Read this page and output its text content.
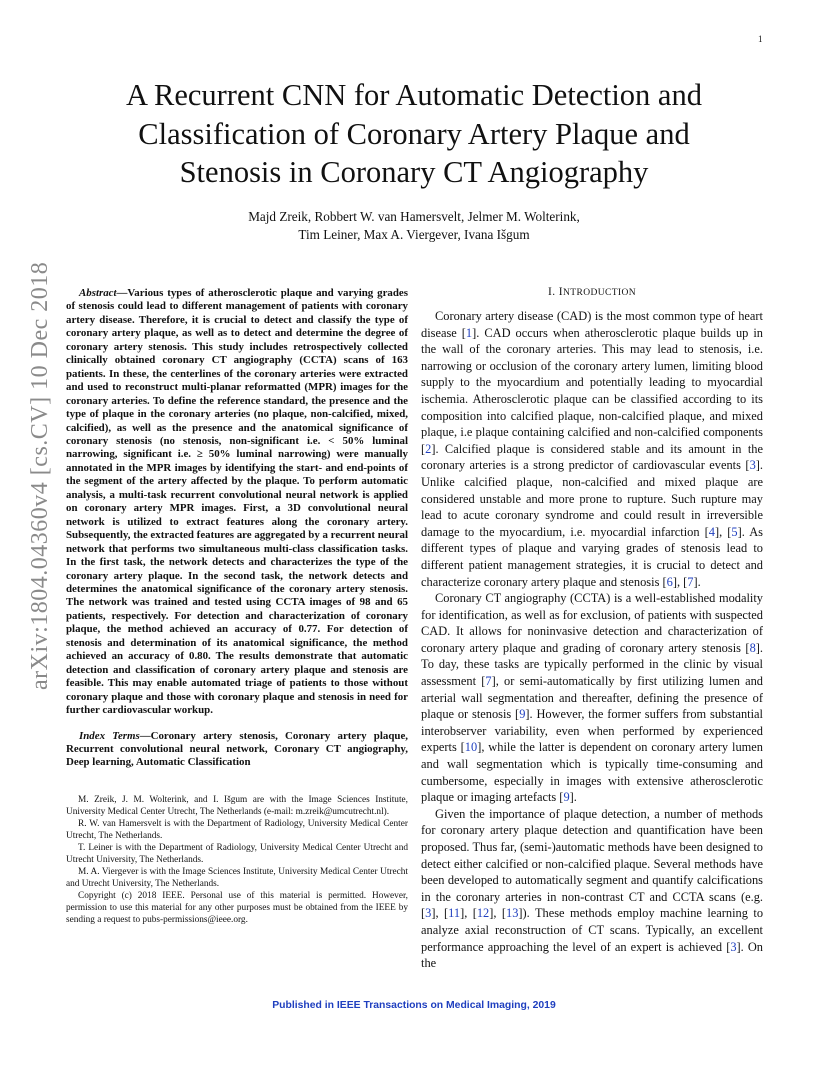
1
arXiv:1804.04360v4 [cs.CV] 10 Dec 2018
A Recurrent CNN for Automatic Detection and
Classification of Coronary Artery Plaque and
Stenosis in Coronary CT Angiography
Majd Zreik, Robbert W. van Hamersvelt, Jelmer M. Wolterink,
Tim Leiner, Max A. Viergever, Ivana Išgum

Abstract—Various types of atherosclerotic plaque and varying grades of stenosis could lead to different management of patients with coronary artery disease. Therefore, it is crucial to detect and classify the type of coronary artery plaque, as well as to detect and determine the degree of coronary artery stenosis. This study includes retrospectively collected clinically obtained coronary CT angiography (CCTA) scans of 163 patients. In these, the centerlines of the coronary arteries were extracted and used to reconstruct multi-planar reformatted (MPR) images for the coronary arteries. To define the reference standard, the presence and the type of plaque in the coronary arteries (no plaque, non-calcified, mixed, calcified), as well as the presence and the anatomical significance of coronary stenosis (no stenosis, non-significant i.e. < 50% luminal narrowing, significant i.e. ≥ 50% luminal narrowing) were manually annotated in the MPR images by identifying the start- and end-points of the segment of the artery affected by the plaque. To perform automatic analysis, a multi-task recurrent convolutional neural network is applied on coronary artery MPR images. First, a 3D convolutional neural network is utilized to extract features along the coronary artery. Subsequently, the extracted features are aggregated by a recurrent neural network that performs two simultaneous multi-class classification tasks. In the first task, the network detects and characterizes the type of the coronary artery plaque. In the second task, the network detects and determines the anatomical significance of the coronary artery stenosis. The network was trained and tested using CCTA images of 98 and 65 patients, respectively. For detection and characterization of coronary plaque, the method achieved an accuracy of 0.77. For detection of stenosis and determination of its anatomical significance, the method achieved an accuracy of 0.80. The results demonstrate that automatic detection and classification of coronary artery plaque and stenosis are feasible. This may enable automated triage of patients to those without coronary plaque and those with coronary plaque and stenosis in need for further cardiovascular workup.

Index Terms—Coronary artery stenosis, Coronary artery plaque, Recurrent convolutional neural network, Coronary CT angiography, Deep learning, Automatic Classification

M. Zreik, J. M. Wolterink, and I. Išgum are with the Image Sciences Institute, University Medical Center Utrecht, The Netherlands (e-mail: m.zreik@umcutrecht.nl).

R. W. van Hamersvelt is with the Department of Radiology, University Medical Center Utrecht, The Netherlands.

T. Leiner is with the Department of Radiology, University Medical Center Utrecht and Utrecht University, The Netherlands.

M. A. Viergever is with the Image Sciences Institute, University Medical Center Utrecht and Utrecht University, The Netherlands.

Copyright (c) 2018 IEEE. Personal use of this material is permitted. However, permission to use this material for any other purposes must be obtained from the IEEE by sending a request to pubs-permissions@ieee.org.

I. INTRODUCTION

Coronary artery disease (CAD) is the most common type of heart disease [1]. CAD occurs when atherosclerotic plaque builds up in the wall of the coronary arteries. This may lead to stenosis, i.e. narrowing or occlusion of the coronary artery lumen, limiting blood supply to the myocardium and potentially leading to myocardial ischemia. Atherosclerotic plaque can be classified according to its composition into calcified plaque, non-calcified plaque, and mixed plaque, i.e plaque containing calcified and non-calcified components [2]. Calcified plaque is considered stable and its amount in the coronary arteries is a strong predictor of cardiovascular events [3]. Unlike calcified plaque, non-calcified and mixed plaque are considered unstable and more prone to rupture. Such rupture may lead to acute coronary syndrome and could result in irreversible damage to the myocardium, i.e. myocardial infarction [4], [5]. As different types of plaque and varying grades of stenosis lead to different patient management strategies, it is crucial to detect and characterize coronary artery plaque and stenosis [6], [7].

Coronary CT angiography (CCTA) is a well-established modality for identification, as well as for exclusion, of patients with suspected CAD. It allows for noninvasive detection and characterization of coronary artery plaque and grading of coronary artery stenosis [8]. To day, these tasks are typically performed in the clinic by visual assessment [7], or semi-automatically by first utilizing lumen and arterial wall segmentation and thereafter, defining the presence of plaque or stenosis [9]. However, the former suffers from substantial interobserver variability, even when performed by experienced experts [10], while the latter is dependent on coronary artery lumen and wall segmentation which is typically time-consuming and cumbersome, especially in images with extensive atherosclerotic plaque or imaging artefacts [9].

Given the importance of plaque detection, a number of methods for coronary artery plaque detection and quantification have been proposed. Thus far, (semi-)automatic methods have been designed to detect either calcified or non-calcified plaque. Several methods have been developed to automatically segment and quantify calcifications in the coronary arteries in non-contrast CT and CCTA scans (e.g. [3], [11], [12], [13]). These methods employ machine learning to analyze axial reconstruction of CT scans. Typically, an excellent performance approaching the level of an expert is achieved [3]. On the

Published in IEEE Transactions on Medical Imaging, 2019
